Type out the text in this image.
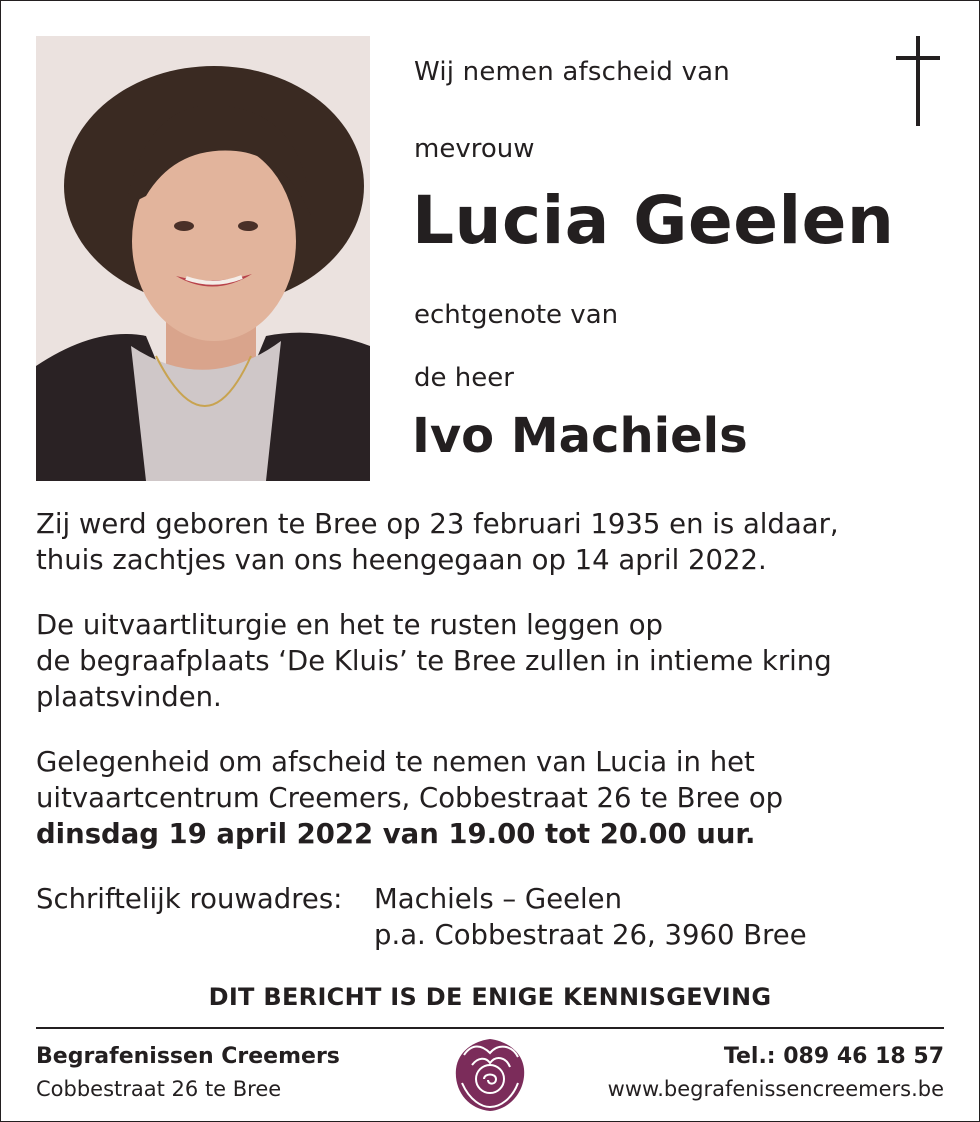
Wij nemen afscheid van
mevrouw
Lucia Geelen
echtgenote van
de heer
Ivo Machiels
Zij werd geboren te Bree op 23 februari 1935 en is aldaar,
thuis zachtjes van ons heengegaan op 14 april 2022.
De uitvaartliturgie en het te rusten leggen op
de begraafplaats ‘De Kluis’ te Bree zullen in intieme kring
plaatsvinden.
Gelegenheid om afscheid te nemen van Lucia in het
uitvaartcentrum Creemers, Cobbestraat 26 te Bree op
dinsdag 19 april 2022 van 19.00 tot 20.00 uur.
Schriftelijk rouwadres: Machiels – Geelen
p.a. Cobbestraat 26, 3960 Bree
DIT BERICHT IS DE ENIGE KENNISGEVING
Begrafenissen Creemers
Cobbestraat 26 te Bree
Tel.: 089 46 18 57
www.begrafenissencreemers.be
